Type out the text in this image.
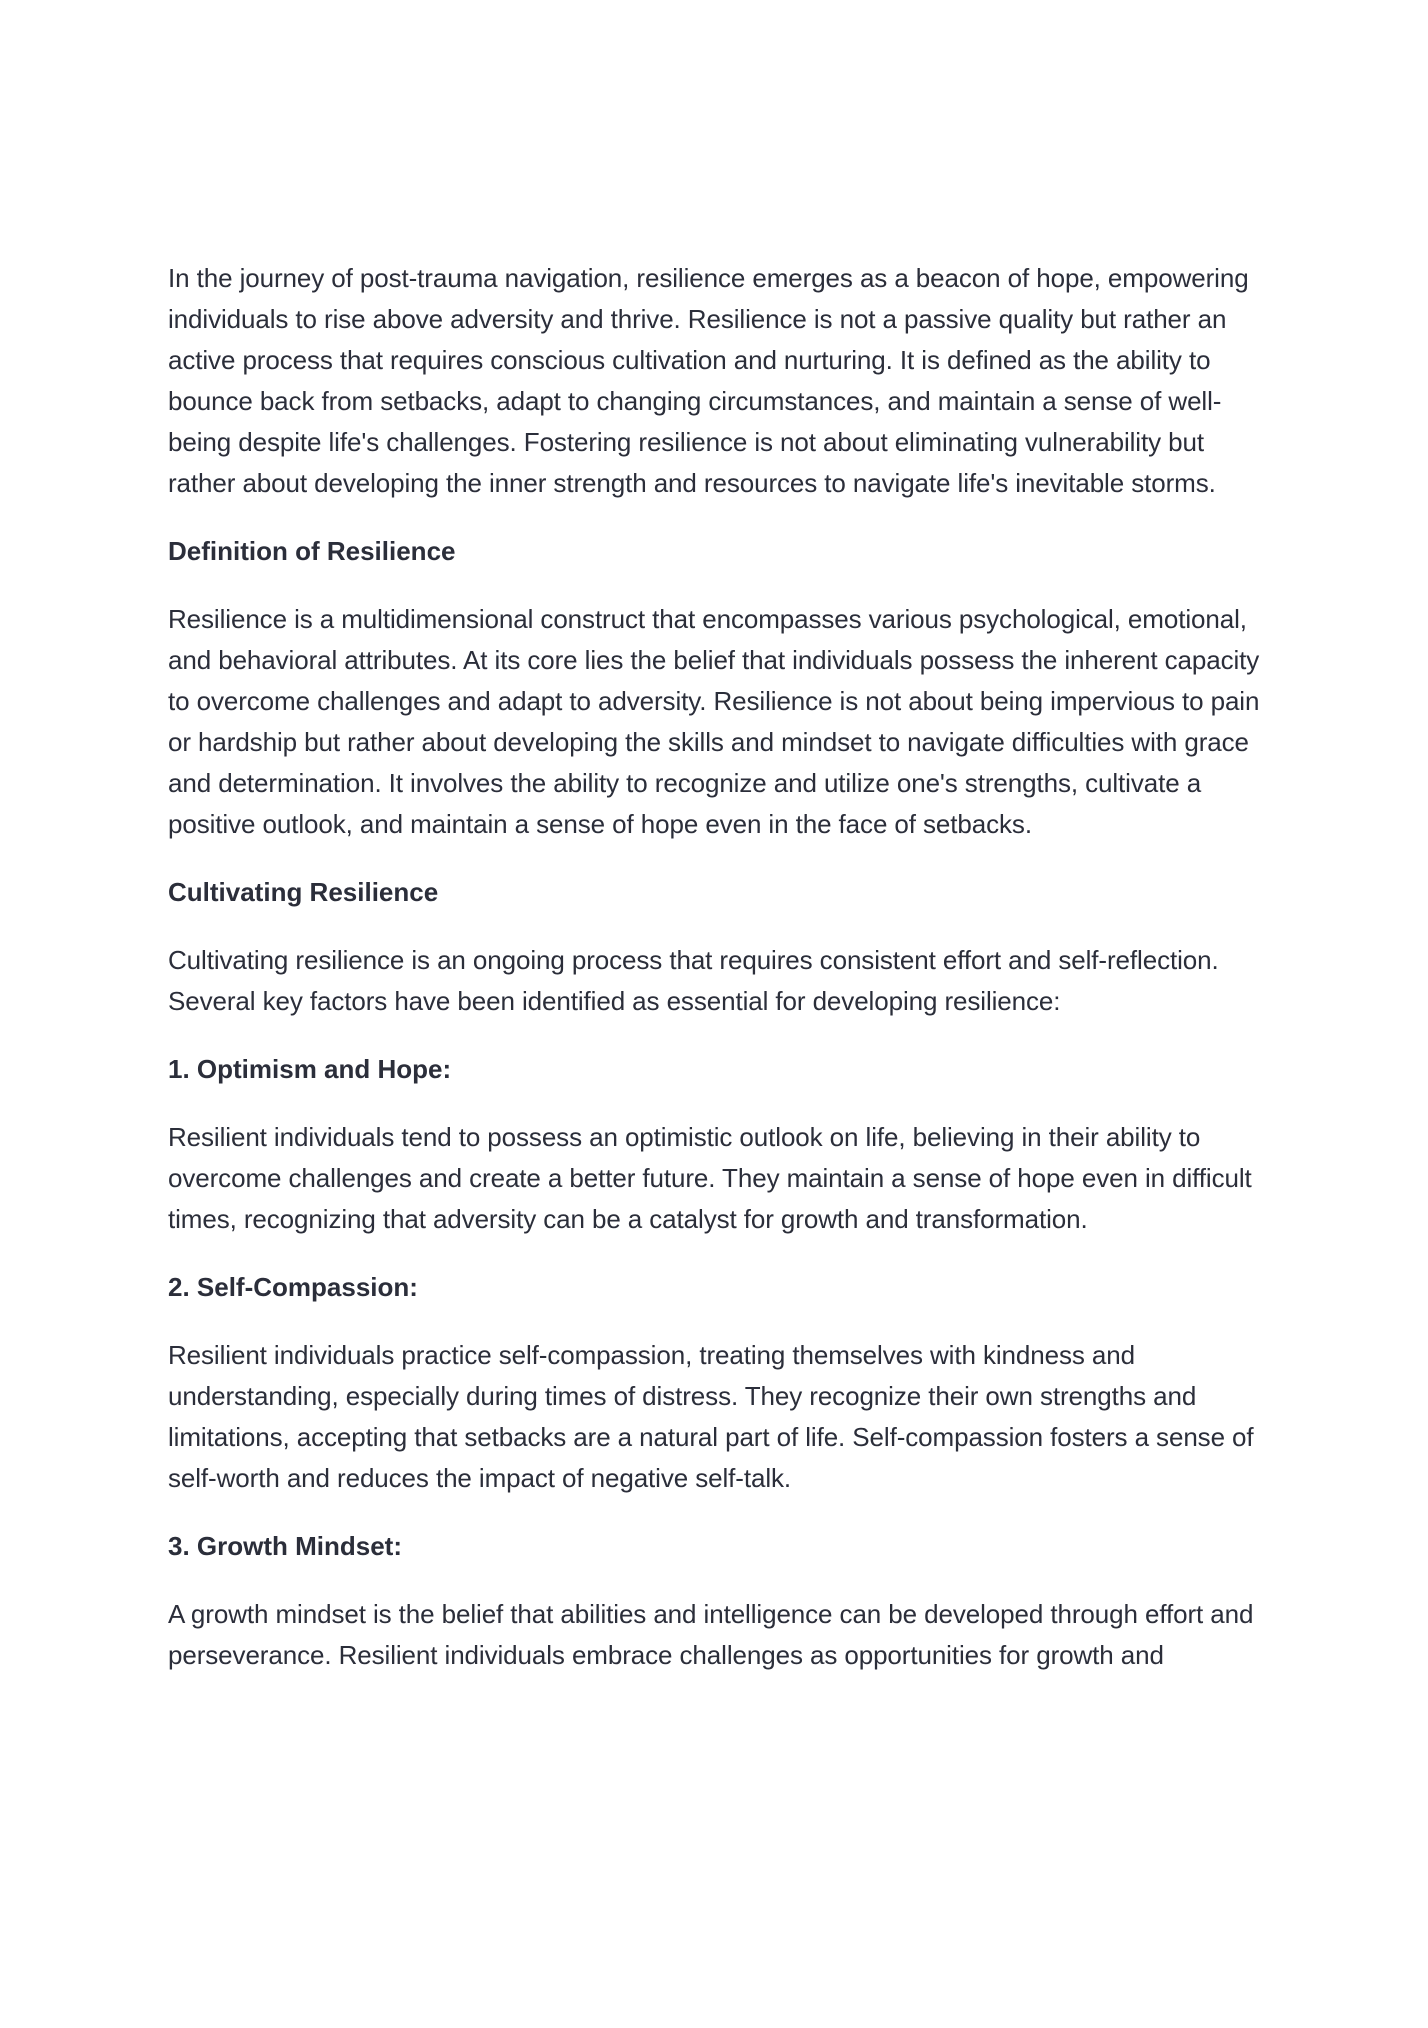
In the journey of post-trauma navigation, resilience emerges as a beacon of hope, empowering individuals to rise above adversity and thrive. Resilience is not a passive quality but rather an active process that requires conscious cultivation and nurturing. It is defined as the ability to bounce back from setbacks, adapt to changing circumstances, and maintain a sense of well-being despite life's challenges. Fostering resilience is not about eliminating vulnerability but rather about developing the inner strength and resources to navigate life's inevitable storms.

Definition of Resilience

Resilience is a multidimensional construct that encompasses various psychological, emotional, and behavioral attributes. At its core lies the belief that individuals possess the inherent capacity to overcome challenges and adapt to adversity. Resilience is not about being impervious to pain or hardship but rather about developing the skills and mindset to navigate difficulties with grace and determination. It involves the ability to recognize and utilize one's strengths, cultivate a positive outlook, and maintain a sense of hope even in the face of setbacks.

Cultivating Resilience

Cultivating resilience is an ongoing process that requires consistent effort and self-reflection. Several key factors have been identified as essential for developing resilience:

1. Optimism and Hope:

Resilient individuals tend to possess an optimistic outlook on life, believing in their ability to overcome challenges and create a better future. They maintain a sense of hope even in difficult times, recognizing that adversity can be a catalyst for growth and transformation.

2. Self-Compassion:

Resilient individuals practice self-compassion, treating themselves with kindness and understanding, especially during times of distress. They recognize their own strengths and limitations, accepting that setbacks are a natural part of life. Self-compassion fosters a sense of self-worth and reduces the impact of negative self-talk.

3. Growth Mindset:

A growth mindset is the belief that abilities and intelligence can be developed through effort and perseverance. Resilient individuals embrace challenges as opportunities for growth and
